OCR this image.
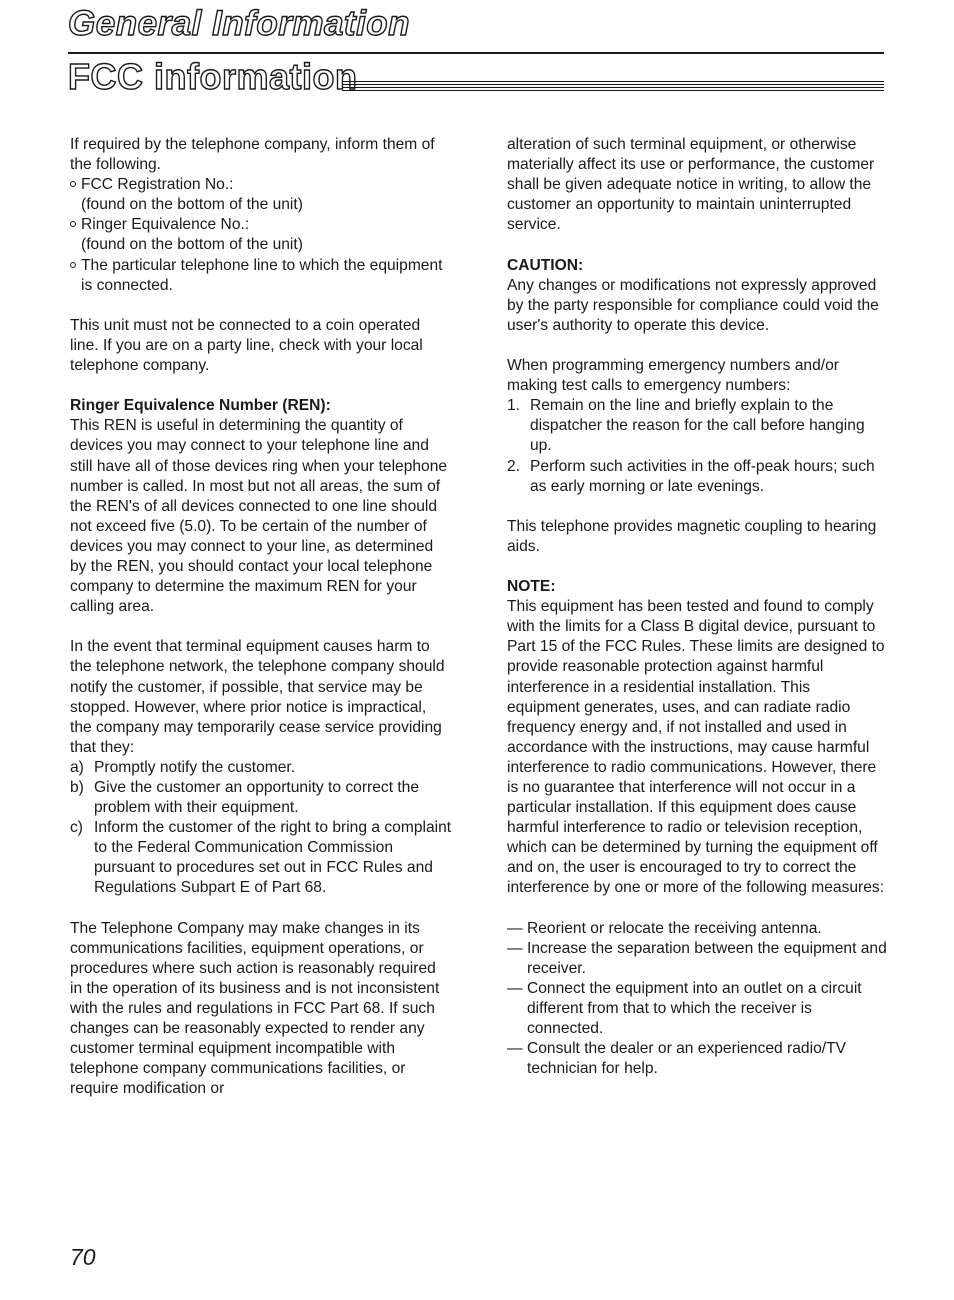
General Information
FCC information

If required by the telephone company, inform them of the following.

FCC Registration No.:

(found on the bottom of the unit)

Ringer Equivalence No.:

(found on the bottom of the unit)

The particular telephone line to which the equipment is connected.

This unit must not be connected to a coin operated line. If you are on a party line, check with your local telephone company.

Ringer Equivalence Number (REN):

This REN is useful in determining the quantity of devices you may connect to your telephone line and still have all of those devices ring when your telephone number is called. In most but not all areas, the sum of the REN's of all devices connected to one line should not exceed five (5.0). To be certain of the number of devices you may connect to your line, as determined by the REN, you should contact your local telephone company to determine the maximum REN for your calling area.

In the event that terminal equipment causes harm to the telephone network, the telephone company should notify the customer, if possible, that service may be stopped. However, where prior notice is impractical, the company may temporarily cease service providing that they:

a) Promptly notify the customer.
b) Give the customer an opportunity to correct the problem with their equipment.
c) Inform the customer of the right to bring a complaint to the Federal Communication Commission pursuant to procedures set out in FCC Rules and Regulations Subpart E of Part 68.

The Telephone Company may make changes in its communications facilities, equipment operations, or procedures where such action is reasonably required in the operation of its business and is not inconsistent with the rules and regulations in FCC Part 68. If such changes can be reasonably expected to render any customer terminal equipment incompatible with telephone company communications facilities, or require modification or

alteration of such terminal equipment, or otherwise materially affect its use or performance, the customer shall be given adequate notice in writing, to allow the customer an opportunity to maintain uninterrupted service.

CAUTION:

Any changes or modifications not expressly approved by the party responsible for compliance could void the user's authority to operate this device.

When programming emergency numbers and/or making test calls to emergency numbers:

1. Remain on the line and briefly explain to the dispatcher the reason for the call before hanging up.
2. Perform such activities in the off-peak hours; such as early morning or late evenings.

This telephone provides magnetic coupling to hearing aids.

NOTE:

This equipment has been tested and found to comply with the limits for a Class B digital device, pursuant to Part 15 of the FCC Rules. These limits are designed to provide reasonable protection against harmful interference in a residential installation. This equipment generates, uses, and can radiate radio frequency energy and, if not installed and used in accordance with the instructions, may cause harmful interference to radio communications. However, there is no guarantee that interference will not occur in a particular installation. If this equipment does cause harmful interference to radio or television reception, which can be determined by turning the equipment off and on, the user is encouraged to try to correct the interference by one or more of the following measures:

— Reorient or relocate the receiving antenna.
— Increase the separation between the equipment and receiver.
— Connect the equipment into an outlet on a circuit different from that to which the receiver is connected.
— Consult the dealer or an experienced radio/TV technician for help.
70
